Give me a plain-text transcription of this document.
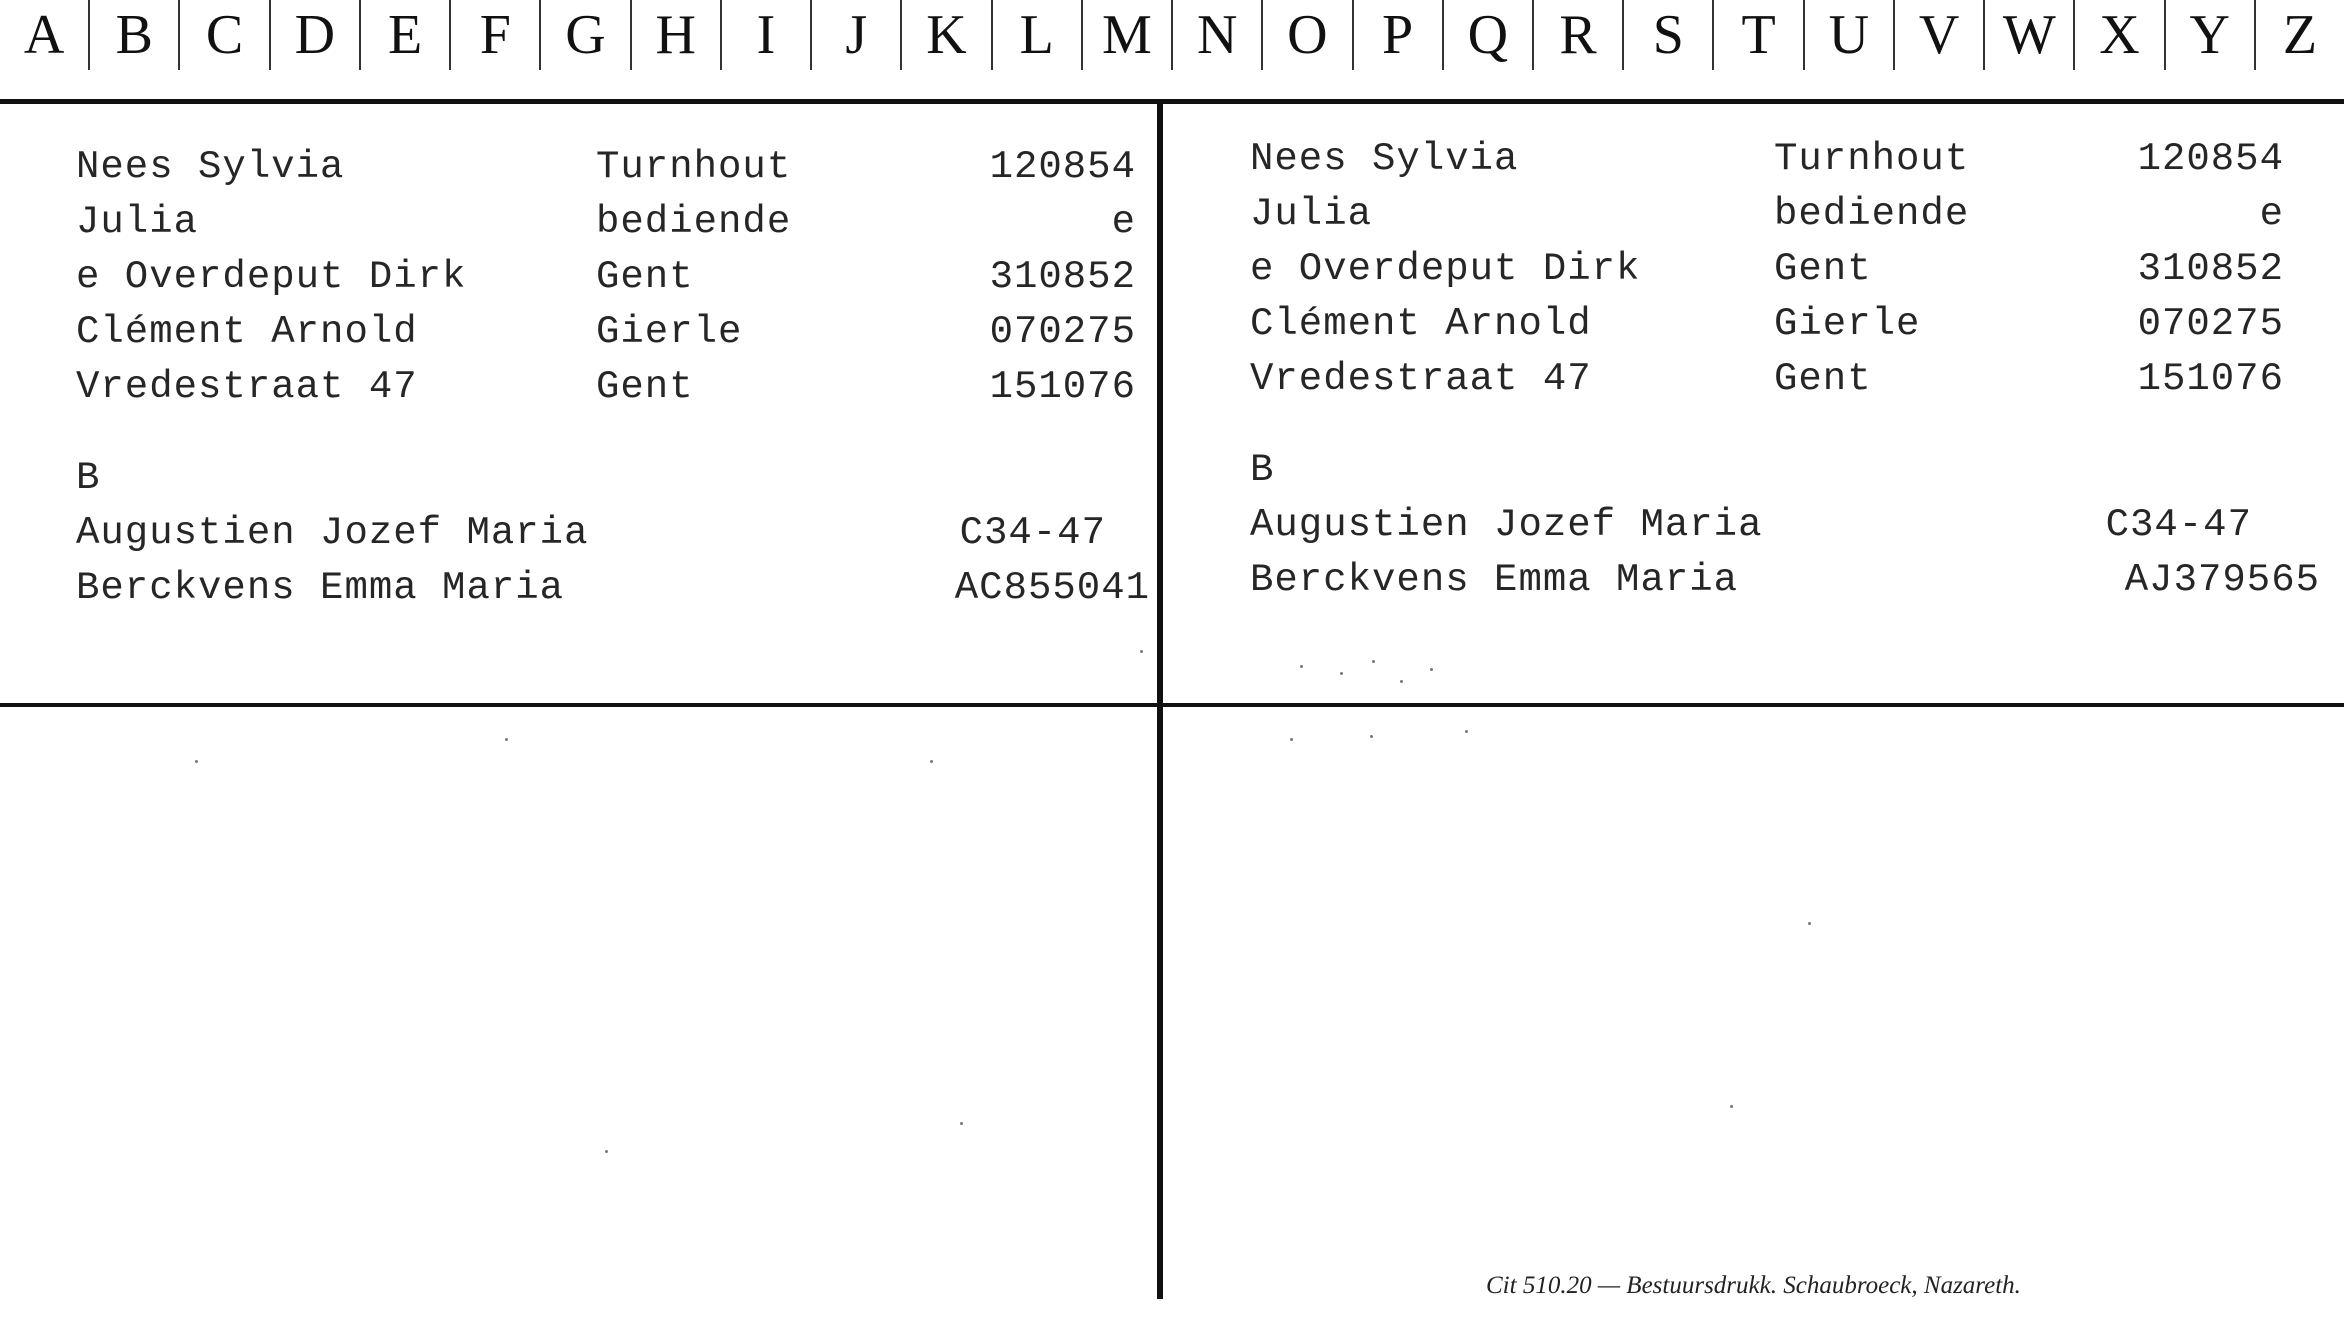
A B C D E	F G H	I	J	K L M N O P Q R S	T U V W X Y Z
Nees Sylvia	Turnhout	120854
Julia	bediende	e
e Overdeput Dirk	Gent	310852
Clément Arnold	Gierle	070275
Vredestraat 47	Gent	151076
B
Augustien Jozef Maria	C34-47
Berckvens Emma Maria	AC855041
Nees Sylvia	Turnhout	120854
Julia	bediende	e
e Overdeput Dirk	Gent	310852
Clément Arnold	Gierle	070275
Vredestraat 47	Gent	151076
B
Augustien Jozef Maria	C34-47
Berckvens Emma Maria	AJ379565
Cit 510.20 — Bestuursdrukk. Schaubroeck, Nazareth.
